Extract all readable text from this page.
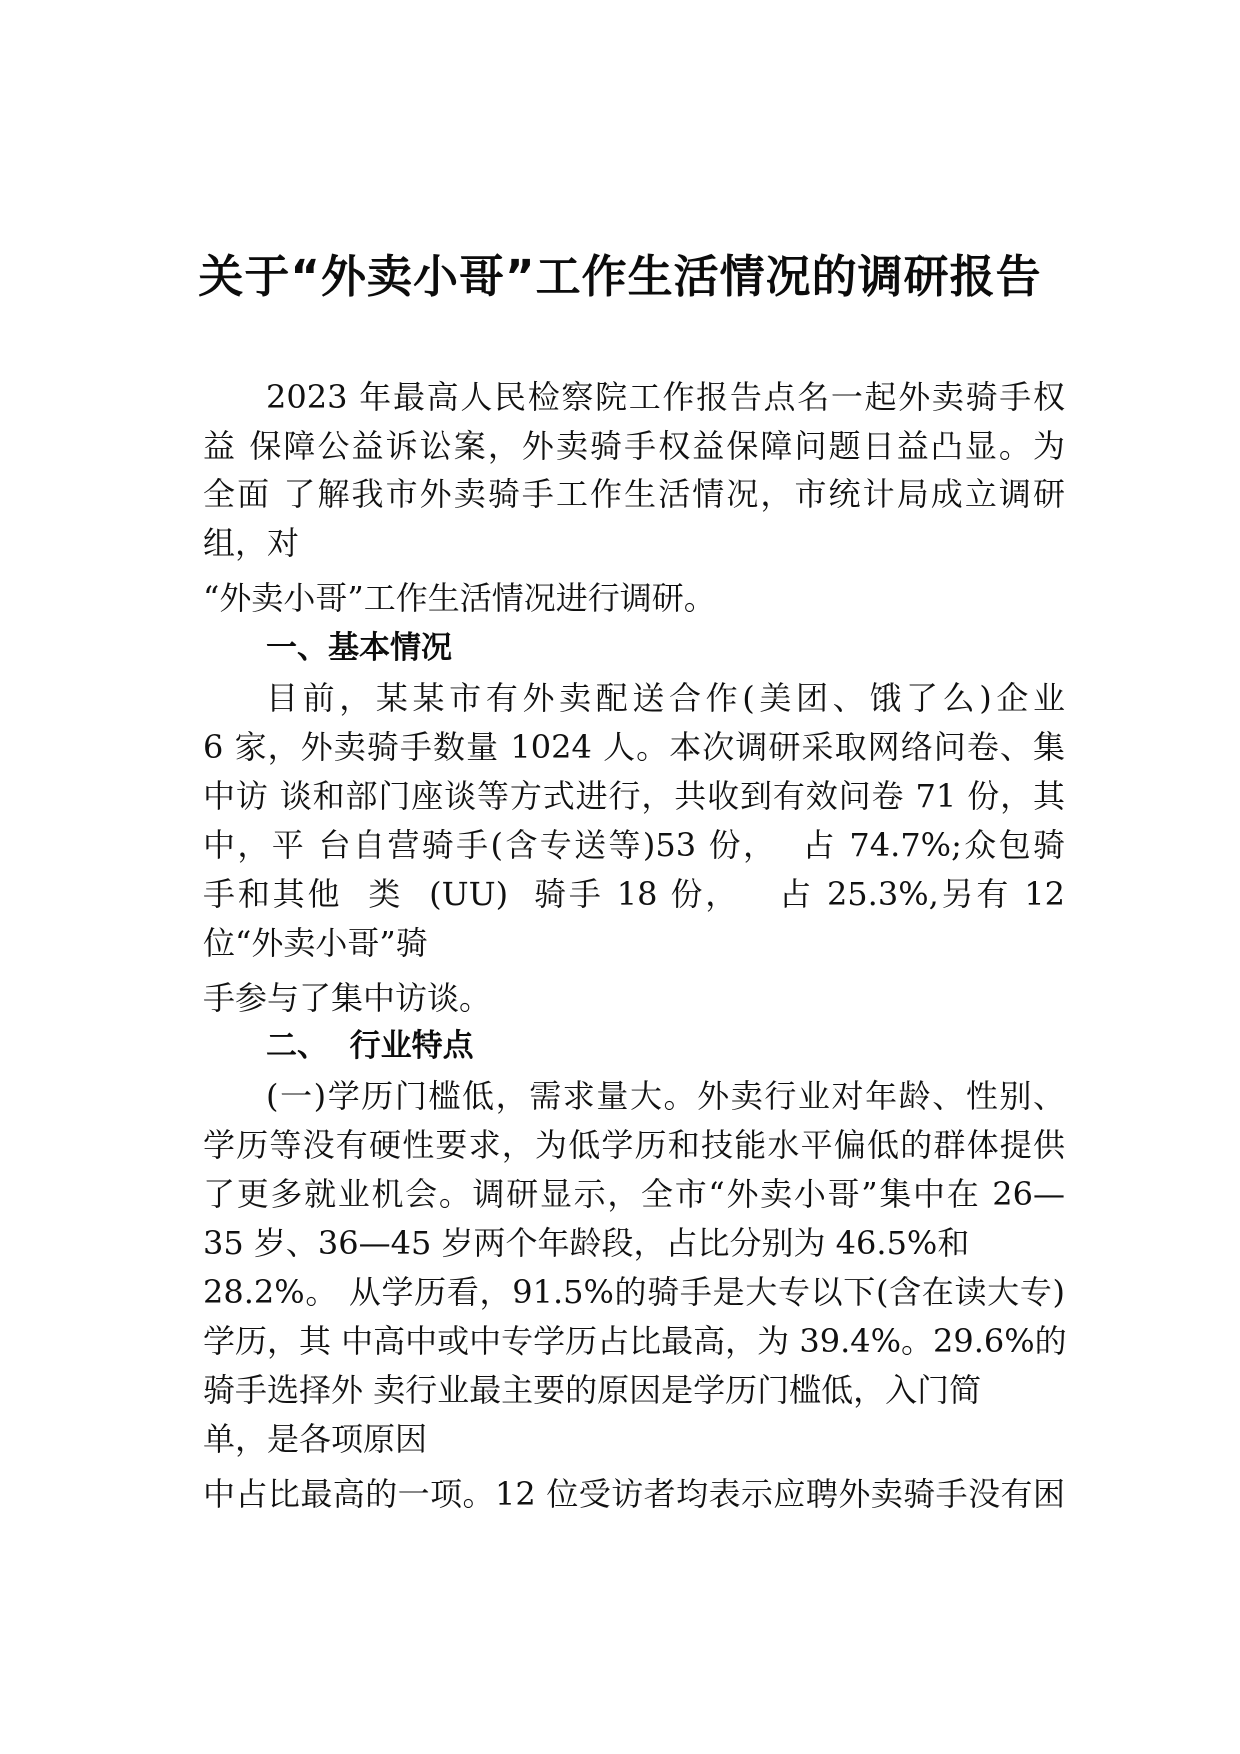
关于“外卖小哥”工作生活情况的调研报告
2023 年最高人民检察院工作报告点名一起外卖骑手权
益 保障公益诉讼案，外卖骑手权益保障问题日益凸显。为
全面 了解我市外卖骑手工作生活情况，市统计局成立调研
组，对
“外卖小哥”工作生活情况进行调研。
一、基本情况
目前，某某市有外卖配送合作(美团、饿了么)企业
6 家，外卖骑手数量 1024 人。本次调研采取网络问卷、集
中访 谈和部门座谈等方式进行，共收到有效问卷 71 份，其
中，平 台自营骑手(含专送等)53 份，  占 74.7%;众包骑
手和其他  类  (UU)  骑手 18 份，   占 25.3%,另有 12
位“外卖小哥”骑
手参与了集中访谈。
二、  行业特点
(一)学历门槛低，需求量大。外卖行业对年龄、性别、
学历等没有硬性要求，为低学历和技能水平偏低的群体提供
了更多就业机会。调研显示，全市“外卖小哥”集中在 26—
35 岁、36—45 岁两个年龄段，占比分别为 46.5%和
28.2%。 从学历看，91.5%的骑手是大专以下(含在读大专)
学历，其 中高中或中专学历占比最高，为 39.4%。29.6%的
骑手选择外 卖行业最主要的原因是学历门槛低，入门简
单，是各项原因
中占比最高的一项。12 位受访者均表示应聘外卖骑手没有困
